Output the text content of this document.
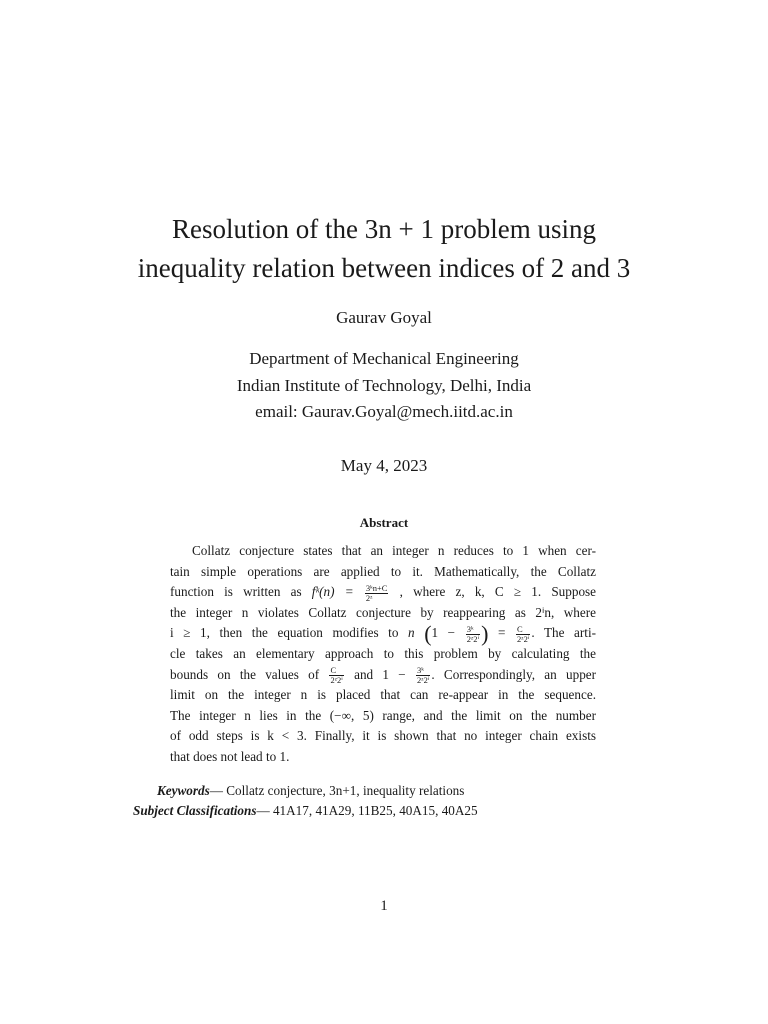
Resolution of the 3n + 1 problem using
inequality relation between indices of 2 and 3
Gaurav Goyal
Department of Mechanical Engineering
Indian Institute of Technology, Delhi, India
email: Gaurav.Goyal@mech.iitd.ac.in
May 4, 2023
Abstract
Collatz conjecture states that an integer n reduces to 1 when cer-
tain simple operations are applied to it. Mathematically, the Collatz
function is written as fᵏ(n) = $\frac{\text{3ᵏn+C}}{\text{2ᶻ}}$ , where z, k, C ≥ 1. Suppose
the integer n violates Collatz conjecture by reappearing as 2ⁱn, where
i ≥ 1, then the equation modifies to n ($1 - \frac{\text{3ᵏ}}{\text{2ᶻ2ⁱ}}$ ) = $\frac{C}{\text{2ᶻ2ⁱ}}$ . The arti-
cle takes an elementary approach to this problem by calculating the
bounds on the values of $\frac{C}{\text{2ᶻ2ⁱ}}$ and $1 - \frac{\text{3ᵏ}}{\text{2ᶻ2ⁱ}}$ . Correspondingly, an upper
limit on the integer n is placed that can re-appear in the sequence.
The integer n lies in the (−∞, 5) range, and the limit on the number
of odd steps is k < 3. Finally, it is shown that no integer chain exists
that does not lead to 1.
Keywords— Collatz conjecture, 3n+1, inequality relations
Subject Classifications— 41A17, 41A29, 11B25, 40A15, 40A25
1
